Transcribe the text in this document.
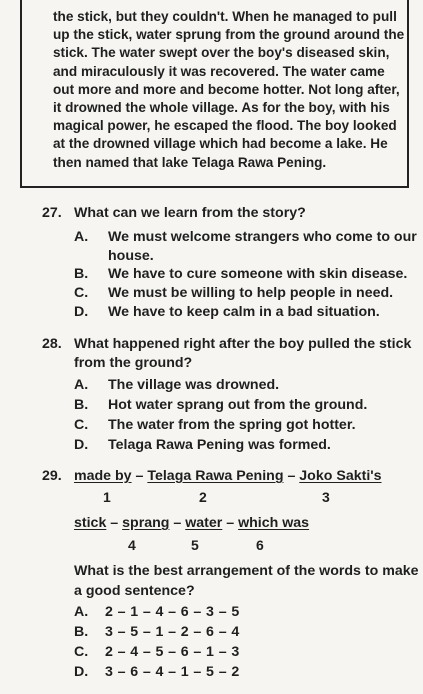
the stick, but they couldn't. When he managed to pull
up the stick, water sprung from the ground around the
stick. The water swept over the boy's diseased skin,
and miraculously it was recovered. The water came
out more and more and become hotter. Not long after,
it drowned the whole village. As for the boy, with his
magical power, he escaped the flood. The boy looked
at the drowned village which had become a lake. He
then named that lake Telaga Rawa Pening.
27. What can we learn from the story?
A. We must welcome strangers who come to our
house.
B. We have to cure someone with skin disease.
C. We must be willing to help people in need.
D. We have to keep calm in a bad situation.
28. What happened right after the boy pulled the stick
from the ground?
A. The village was drowned.
B. Hot water sprang out from the ground.
C. The water from the spring got hotter.
D. Telaga Rawa Pening was formed.
29. made by – Telaga Rawa Pening – Joko Sakti's
1	2	3
stick – sprang – water – which was
4	5	6
What is the best arrangement of the words to make
a good sentence?
A. 2 – 1 – 4 – 6 – 3 – 5
B. 3 – 5 – 1 – 2 – 6 – 4
C. 2 – 4 – 5 – 6 – 1 – 3
D. 3 – 6 – 4 – 1 – 5 – 2
